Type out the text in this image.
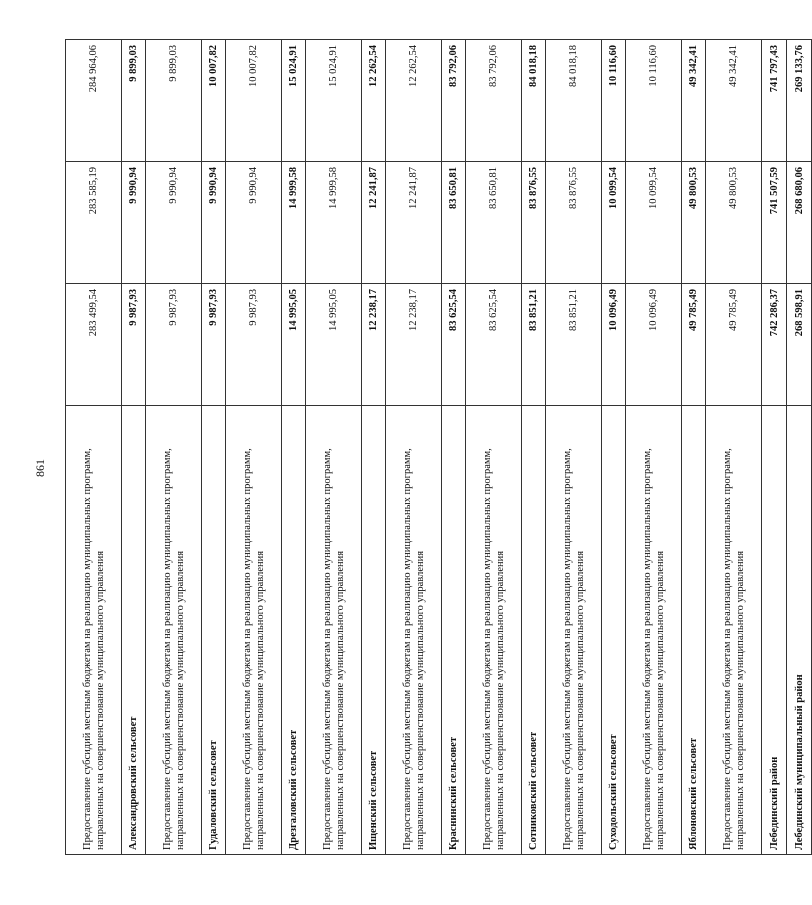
861	Предоставление субсидий местным бюджетам на реализацию муниципальных программ, направленных на совершенствование муниципального управления	283 499,54	283 585,19	284 964,06
Александровский сельсовет	9 987,93	9 990,94	9 899,03
Предоставление субсидий местным бюджетам на реализацию муниципальных программ, направленных на совершенствование муниципального управления	9 987,93	9 990,94	9 899,03
Гудаловский сельсовет	9 987,93	9 990,94	10 007,82
Предоставление субсидий местным бюджетам на реализацию муниципальных программ, направленных на совершенствование муниципального управления	9 987,93	9 990,94	10 007,82
Дрезгаловский сельсовет	14 995,05	14 999,58	15 024,91
Предоставление субсидий местным бюджетам на реализацию муниципальных программ, направленных на совершенствование муниципального управления	14 995,05	14 999,58	15 024,91
Ищенский сельсовет	12 238,17	12 241,87	12 262,54
Предоставление субсидий местным бюджетам на реализацию муниципальных программ, направленных на совершенствование муниципального управления	12 238,17	12 241,87	12 262,54
Краснинский сельсовет	83 625,54	83 650,81	83 792,06
Предоставление субсидий местным бюджетам на реализацию муниципальных программ, направленных на совершенствование муниципального управления	83 625,54	83 650,81	83 792,06
Сотниковский сельсовет	83 851,21	83 876,55	84 018,18
Предоставление субсидий местным бюджетам на реализацию муниципальных программ, направленных на совершенствование муниципального управления	83 851,21	83 876,55	84 018,18
Суходольский сельсовет	10 096,49	10 099,54	10 116,60
Предоставление субсидий местным бюджетам на реализацию муниципальных программ, направленных на совершенствование муниципального управления	10 096,49	10 099,54	10 116,60
Яблоновский сельсовет	49 785,49	49 800,53	49 342,41
Предоставление субсидий местным бюджетам на реализацию муниципальных программ, направленных на совершенствование муниципального управления	49 785,49	49 800,53	49 342,41
Лебединский район	742 286,37	741 507,59	741 797,43
Лебединский муниципальный район	268 598,91	268 680,06	269 133,76
